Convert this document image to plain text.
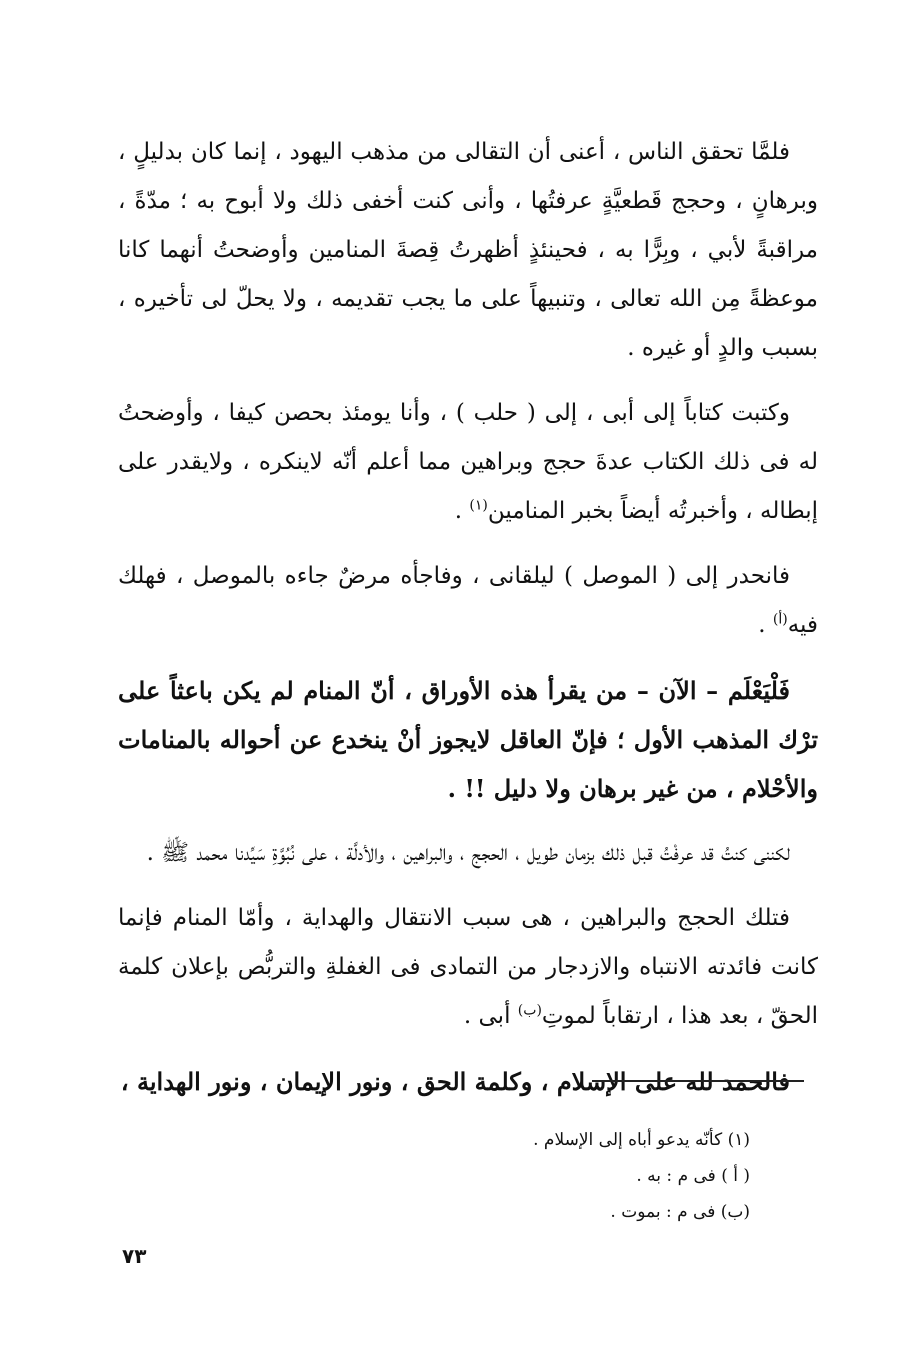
فلمَّا تحقق الناس ، أعنى أن التقالى من مذهب اليهود ، إنما كان بدليلٍ ، وبرهانٍ ، وحجج قَطعيَّةٍ عرفتُها ، وأنى كنت أخفى ذلك ولا أبوح به ؛ مدّةً ، مراقبةً لأبي ، وبِرًّا به ، فحينئذٍ أظهرتُ قِصةَ المنامين وأوضحتُ أنهما كانا موعظةً مِن الله تعالى ، وتنبيهاً على ما يجب تقديمه ، ولا يحلّ لى تأخيره ، بسبب والدٍ أو غيره .

وكتبت كتاباً إلى أبى ، إلى ( حلب ) ، وأنا يومئذ بحصن كيفا ، وأوضحتُ له فى ذلك الكتاب عدةَ حجج وبراهين مما أعلم أنّه لاينكره ، ولايقدر على إبطاله ، وأخبرتُه أيضاً بخبر المنامين$^{(١)}$ .

فانحدر إلى ( الموصل ) ليلقانى ، وفاجأه مرضٌ جاءه بالموصل ، فهلك فيه$^{(أ)}$ .

فَلْيَعْلَم – الآن – من يقرأ هذه الأوراق ، أنّ المنام لم يكن باعثاً على ترْك المذهب الأول ؛ فإنّ العاقل لايجوز أنْ ينخدع عن أحواله بالمنامات والأحْلام ، من غير برهان ولا دليل !! .

لكننى كنتُ قد عرفْتُ قبل ذلك بزمان طويل ، الحجج ، والبراهين ، والأدلَّة ، على نُبُوَّةِ سَيِّدنا محمد ﷺ .

فتلك الحجج والبراهين ، هى سبب الانتقال والهداية ، وأمّا المنام فإنما كانت فائدته الانتباه والازدجار من التمادى فى الغفلةِ والتربُّص بإعلان كلمة الحقّ ، بعد هذا ، ارتقاباً لموتِ$^{(ب)}$ أبى .

فالحمد لله على الإسلام ، وكلمة الحق ، ونور الإيمان ، ونور الهداية ،

(١) كأنّه يدعو أباه إلى الإسلام .

( أ ) فى م : به .

(ب) فى م : بموت .

٧٣
